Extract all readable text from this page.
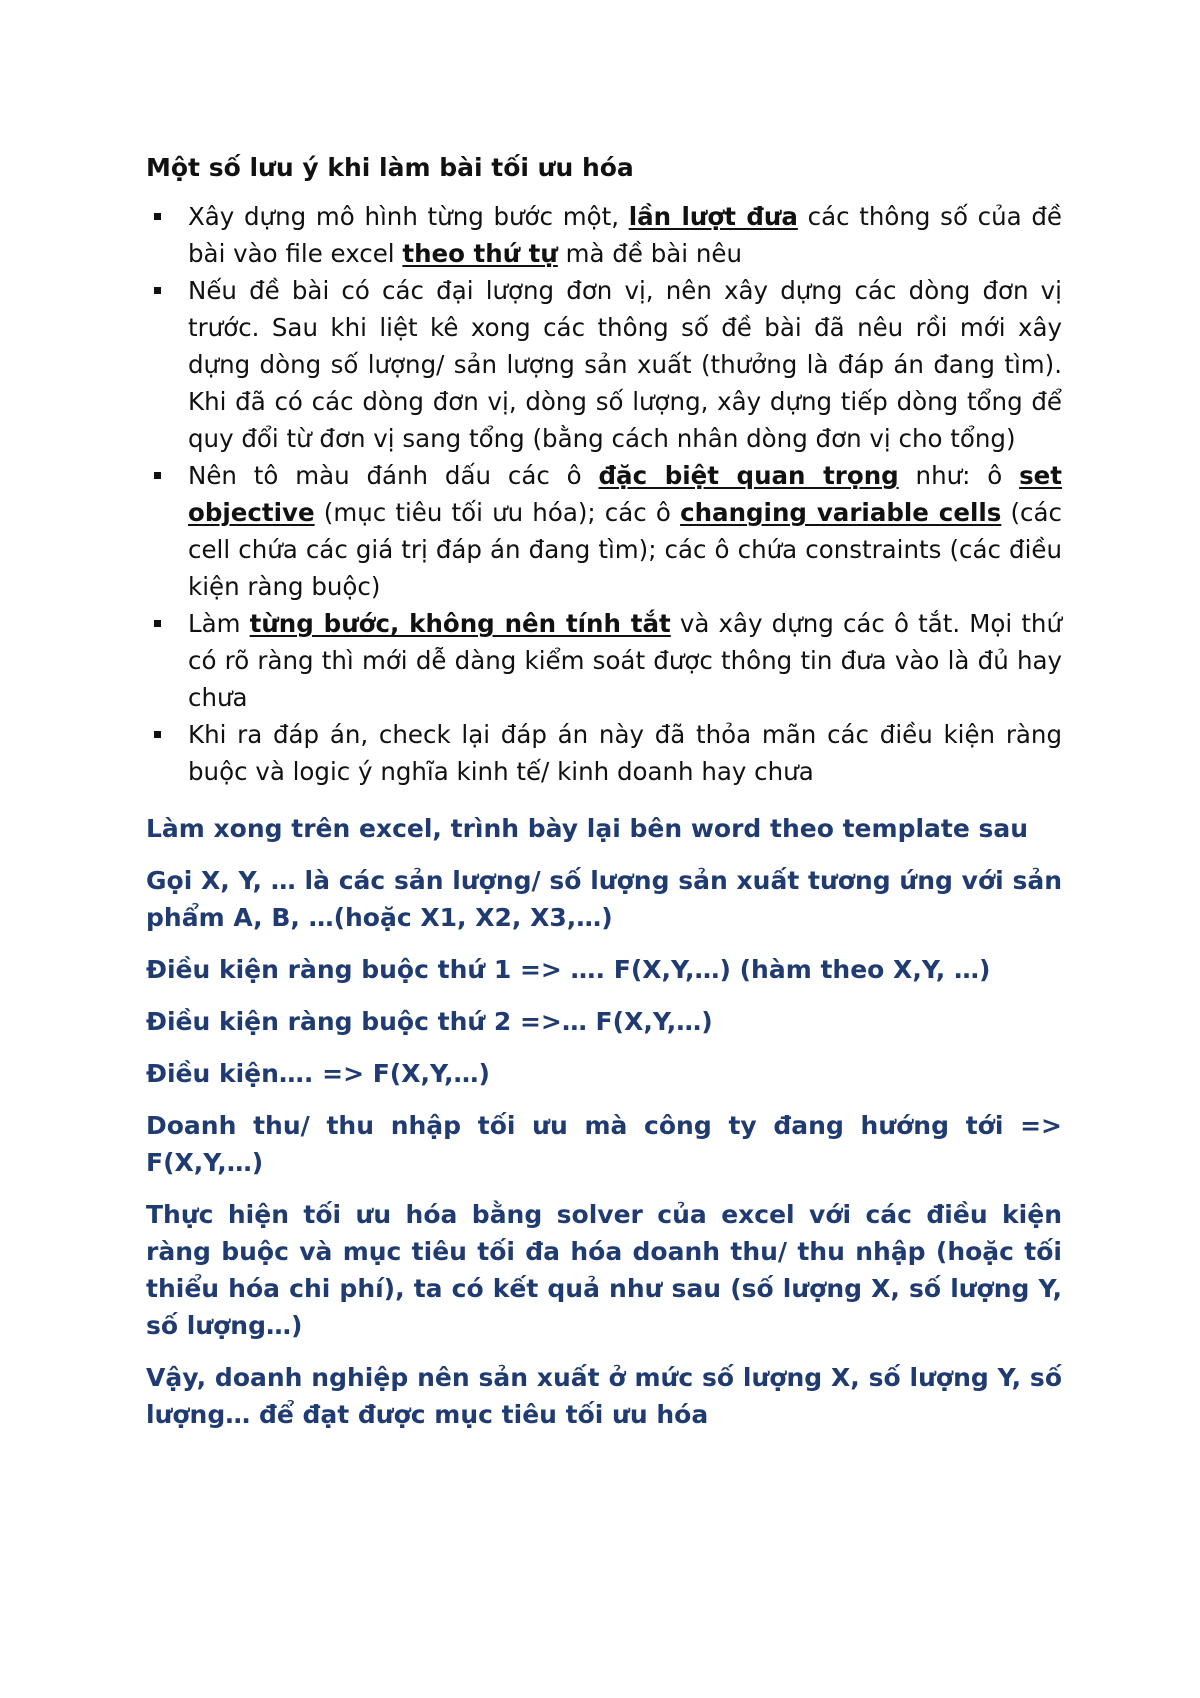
Một số lưu ý khi làm bài tối ưu hóa
Xây dựng mô hình từng bước một, lần lượt đưa các thông số của đề bài vào file excel theo thứ tự mà đề bài nêu
Nếu đề bài có các đại lượng đơn vị, nên xây dựng các dòng đơn vị trước. Sau khi liệt kê xong các thông số đề bài đã nêu rồi mới xây dựng dòng số lượng/ sản lượng sản xuất (thưởng là đáp án đang tìm). Khi đã có các dòng đơn vị, dòng số lượng, xây dựng tiếp dòng tổng để quy đổi từ đơn vị sang tổng (bằng cách nhân dòng đơn vị cho tổng)
Nên tô màu đánh dấu các ô đặc biệt quan trọng như: ô set objective (mục tiêu tối ưu hóa); các ô changing variable cells (các cell chứa các giá trị đáp án đang tìm); các ô chứa constraints (các điều kiện ràng buộc)
Làm từng bước, không nên tính tắt và xây dựng các ô tắt. Mọi thứ có rõ ràng thì mới dễ dàng kiểm soát được thông tin đưa vào là đủ hay chưa
Khi ra đáp án, check lại đáp án này đã thỏa mãn các điều kiện ràng buộc và logic ý nghĩa kinh tế/ kinh doanh hay chưa

Làm xong trên excel, trình bày lại bên word theo template sau

Gọi X, Y, … là các sản lượng/ số lượng sản xuất tương ứng với sản phẩm A, B, …(hoặc X1, X2, X3,…)

Điều kiện ràng buộc thứ 1 => …. F(X,Y,…) (hàm theo X,Y, …)

Điều kiện ràng buộc thứ 2 =>… F(X,Y,…)

Điều kiện…. => F(X,Y,…)

Doanh thu/ thu nhập tối ưu mà công ty đang hướng tới => F(X,Y,…)

Thực hiện tối ưu hóa bằng solver của excel với các điều kiện ràng buộc và mục tiêu tối đa hóa doanh thu/ thu nhập (hoặc tối thiểu hóa chi phí), ta có kết quả như sau (số lượng X, số lượng Y, số lượng…)

Vậy, doanh nghiệp nên sản xuất ở mức số lượng X, số lượng Y, số lượng… để đạt được mục tiêu tối ưu hóa
